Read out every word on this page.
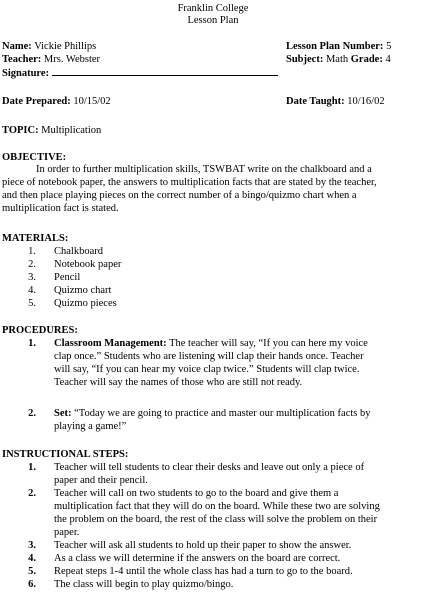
Franklin College
Lesson Plan
Name: Vickie Phillips	Lesson Plan Number: 5
Teacher: Mrs. Webster	Subject: Math Grade: 4
Signature:
Date Prepared: 10/15/02	Date Taught: 10/16/02
TOPIC: Multiplication
OBJECTIVE:
In order to further multiplication skills, TSWBAT write on the chalkboard and a
piece of notebook paper, the answers to multiplication facts that are stated by the teacher,
and then place playing pieces on the correct number of a bingo/quizmo chart when a
multiplication fact is stated.
MATERIALS:
1. Chalkboard
2. Notebook paper
3. Pencil
4. Quizmo chart
5. Quizmo pieces
PROCEDURES:
1. Classroom Management: The teacher will say, “If you can here my voice
clap once.” Students who are listening will clap their hands once. Teacher
will say, “If you can hear my voice clap twice.” Students will clap twice.
Teacher will say the names of those who are still not ready.
2. Set: “Today we are going to practice and master our multiplication facts by
playing a game!”
INSTRUCTIONAL STEPS:
1. Teacher will tell students to clear their desks and leave out only a piece of
paper and their pencil.
2. Teacher will call on two students to go to the board and give them a
multiplication fact that they will do on the board. While these two are solving
the problem on the board, the rest of the class will solve the problem on their
paper.
3. Teacher will ask all students to hold up their paper to show the answer.
4. As a class we will determine if the answers on the board are correct.
5. Repeat steps 1-4 until the whole class has had a turn to go to the board.
6. The class will begin to play quizmo/bingo.
